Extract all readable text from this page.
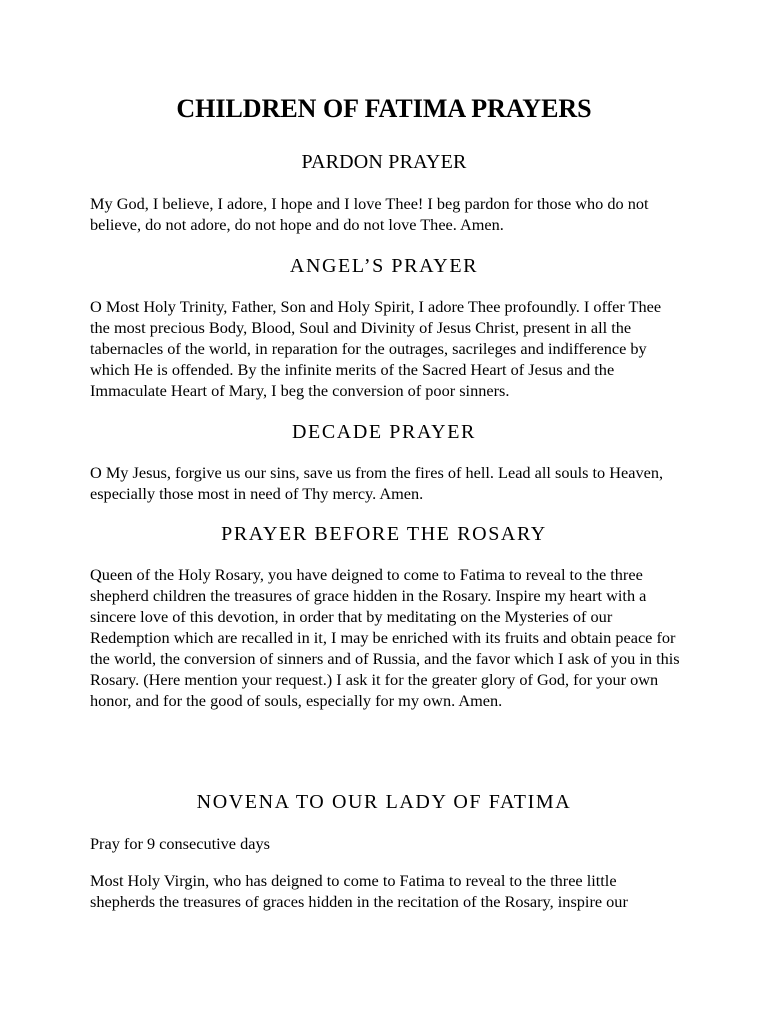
CHILDREN OF FATIMA PRAYERS
PARDON PRAYER

My God, I believe, I adore, I hope and I love Thee! I beg pardon for those who do not believe, do not adore, do not hope and do not love Thee. Amen.

ANGEL’S PRAYER

O Most Holy Trinity, Father, Son and Holy Spirit, I adore Thee profoundly. I offer Thee the most precious Body, Blood, Soul and Divinity of Jesus Christ, present in all the tabernacles of the world, in reparation for the outrages, sacrileges and indifference by which He is offended. By the infinite merits of the Sacred Heart of Jesus and the Immaculate Heart of Mary, I beg the conversion of poor sinners.

DECADE PRAYER

O My Jesus, forgive us our sins, save us from the fires of hell. Lead all souls to Heaven, especially those most in need of Thy mercy. Amen.

PRAYER BEFORE THE ROSARY

Queen of the Holy Rosary, you have deigned to come to Fatima to reveal to the three shepherd children the treasures of grace hidden in the Rosary. Inspire my heart with a sincere love of this devotion, in order that by meditating on the Mysteries of our Redemption which are recalled in it, I may be enriched with its fruits and obtain peace for the world, the conversion of sinners and of Russia, and the favor which I ask of you in this Rosary. (Here mention your request.) I ask it for the greater glory of God, for your own honor, and for the good of souls, especially for my own. Amen.

NOVENA TO OUR LADY OF FATIMA

Pray for 9 consecutive days

Most Holy Virgin, who has deigned to come to Fatima to reveal to the three little shepherds the treasures of graces hidden in the recitation of the Rosary, inspire our
